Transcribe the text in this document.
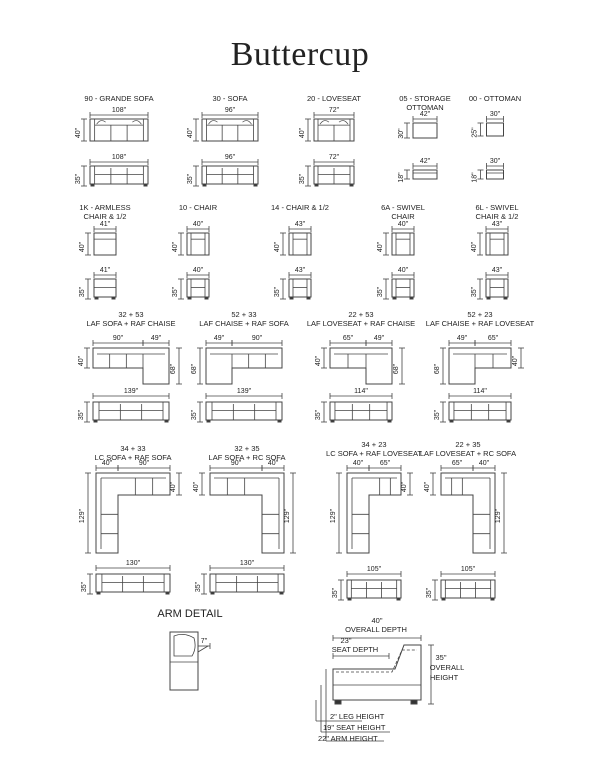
Buttercup
90 - GRANDE SOFA
108"
40"
108"
35"
30 - SOFA
96"
40"
96"
35"
20 - LOVESEAT
72"
40"
72"
35"
05 - STORAGE
OTTOMAN
42"
30"
42"
18"
00 - OTTOMAN
30"
25"
30"
18"
1K - ARMLESS
CHAIR & 1/2
41"
40"
41"
35"
10 - CHAIR
40"
40"
40"
35"
14 - CHAIR & 1/2
43"
40"
43"
35"
6A - SWIVEL
CHAIR
40"
40"
40"
35"
6L - SWIVEL
CHAIR & 1/2
43"
40"
43"
35"
32 + 53
LAF SOFA + RAF CHAISE
90"	49"
40"
68"
139"
35"
52 + 33
LAF CHAISE + RAF SOFA
49"	90"
68"
139"
35"
22 + 53
LAF LOVESEAT + RAF CHAISE
65"	49"
40"
68"
114"
35"
52 + 23
LAF CHAISE + RAF LOVESEAT
49"	65"
68"
40"
114"
35"
34 + 33
LC SOFA + RAF SOFA
40"	90"
129"
40"
130"
35"
32 + 35
LAF SOFA + RC SOFA
90"	40"
40"
129"
130"
35"
34 + 23
LC SOFA + RAF LOVESEAT
40" 65"
129"
40"
105"
35"
22 + 35
LAF LOVESEAT + RC SOFA
65" 40"
40"
129"
105"
35"
ARM DETAIL
7"
40"
OVERALL DEPTH
23"
SEAT DEPTH
35"
OVERALL
HEIGHT
2" LEG HEIGHT
19" SEAT HEIGHT
22" ARM HEIGHT
